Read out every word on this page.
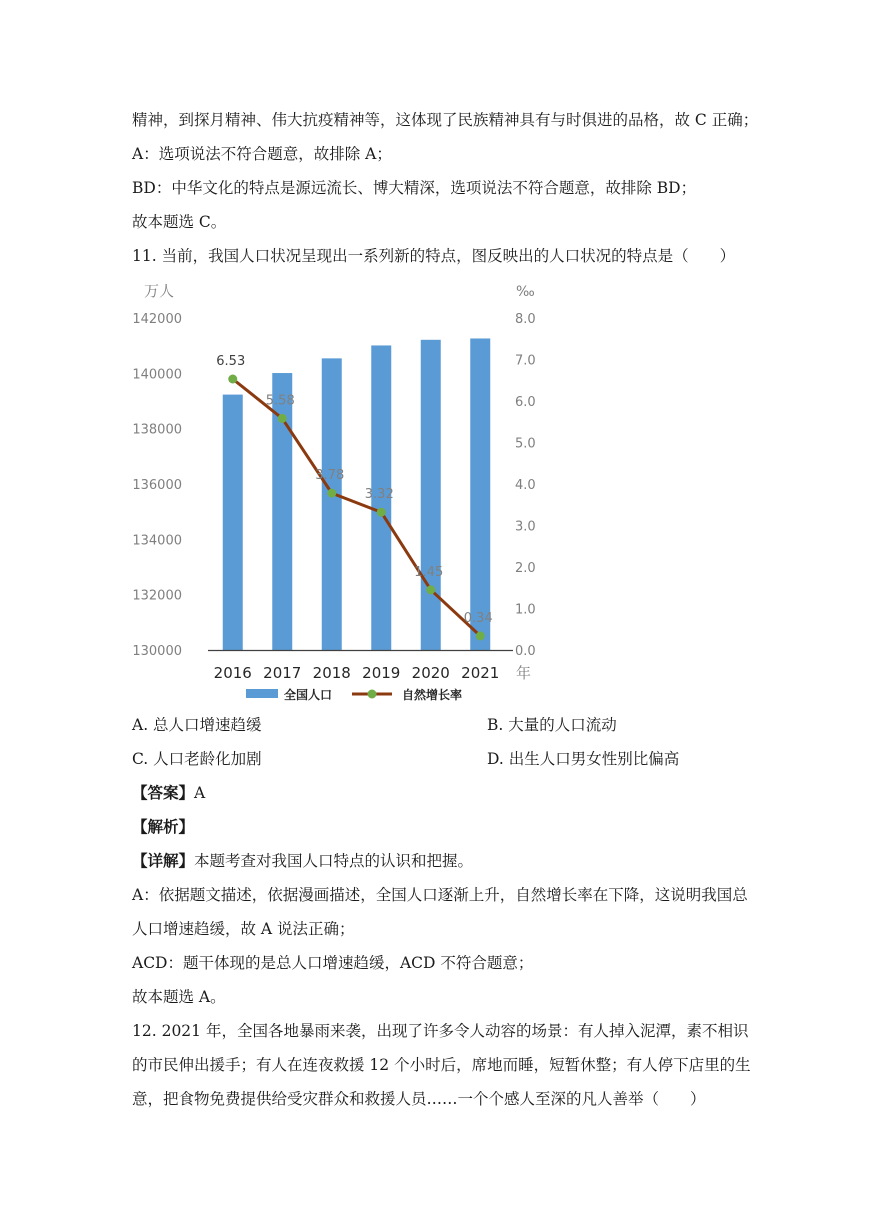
精神，到探月精神、伟大抗疫精神等，这体现了民族精神具有与时俱进的品格，故 C 正确；
A：选项说法不符合题意，故排除 A；
BD：中华文化的特点是源远流长、博大精深，选项说法不符合题意，故排除 BD；
故本题选 C。
11. 当前，我国人口状况呈现出一系列新的特点，图反映出的人口状况的特点是（　　）
6.53
5.58
3.78
3.32
1.45
0.34
130000
132000
134000
136000
138000
140000
142000
0.0
1.0
2.0
3.0
4.0
5.0
6.0
7.0
8.0
2016 2017 2018 2019 2020 2021
万人	‰
年
全国人口	自然增长率
A. 总人口增速趋缓	B. 大量的人口流动
C. 人口老龄化加剧	D. 出生人口男女性别比偏高
【答案】A
【解析】
【详解】本题考查对我国人口特点的认识和把握。
A：依据题文描述，依据漫画描述，全国人口逐渐上升，自然增长率在下降，这说明我国总
人口增速趋缓，故 A 说法正确；
ACD：题干体现的是总人口增速趋缓，ACD 不符合题意；
故本题选 A。
12. 2021 年，全国各地暴雨来袭，出现了许多令人动容的场景：有人掉入泥潭，素不相识
的市民伸出援手；有人在连夜救援 12 个小时后，席地而睡，短暂休整；有人停下店里的生
意，把食物免费提供给受灾群众和救援人员……一个个感人至深的凡人善举（　　）
